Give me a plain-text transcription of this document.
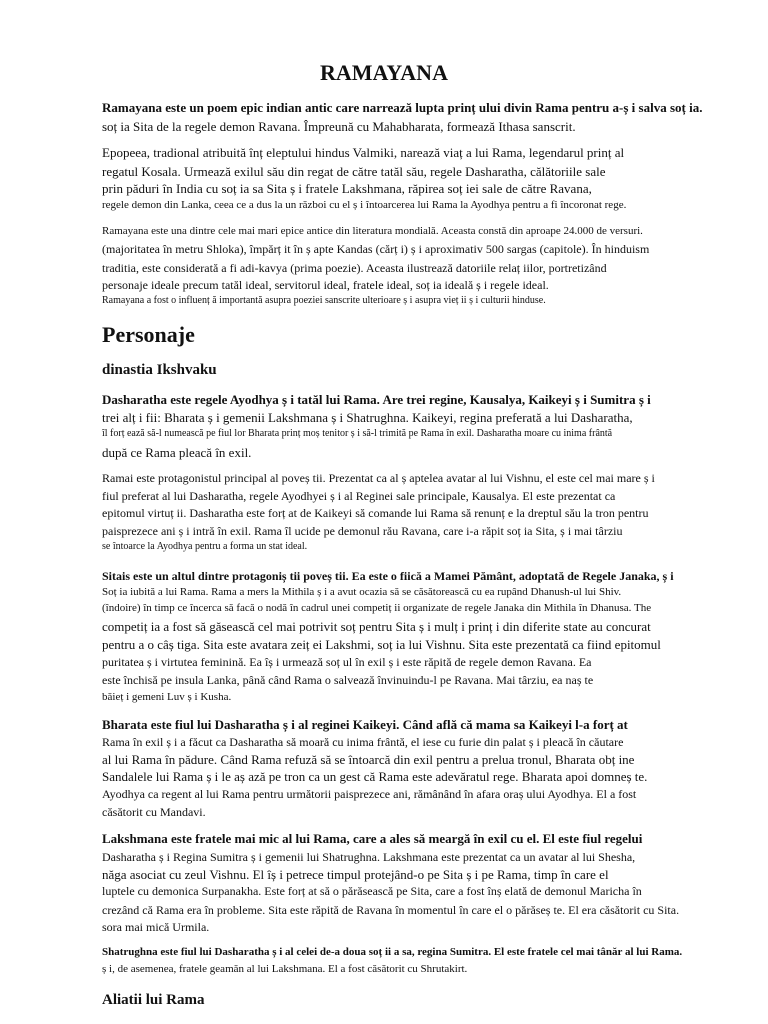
RAMAYANA
Ramayana este un poem epic indian antic care narrează lupta prinț ului divin Rama pentru a-ș i salva soț ia.
soț ia Sita de la regele demon Ravana. Împreună cu Mahabharata, formează Ithasa sanscrit.
Epopeea, tradional atribuită înț eleptului hindus Valmiki, narează viaț a lui Rama, legendarul prinț al
regatul Kosala. Urmează exilul său din regat de către tatăl său, regele Dasharatha, călătoriile sale
prin păduri în India cu soț ia sa Sita ș i fratele Lakshmana, răpirea soț iei sale de către Ravana,
regele demon din Lanka, ceea ce a dus la un război cu el ș i întoarcerea lui Rama la Ayodhya pentru a fi încoronat rege.
Ramayana este una dintre cele mai mari epice antice din literatura mondială. Aceasta constă din aproape 24.000 de versuri.
(majoritatea în metru Shloka), împărț it în ș apte Kandas (cărț i) ș i aproximativ 500 sargas (capitole). În hinduism
traditia, este considerată a fi adi-kavya (prima poezie). Aceasta ilustrează datoriile relaț iilor, portretizând
personaje ideale precum tatăl ideal, servitorul ideal, fratele ideal, soț ia ideală ș i regele ideal.
Ramayana a fost o influenț ă importantă asupra poeziei sanscrite ulterioare ș i asupra vieț ii ș i culturii hinduse.
Personaje
dinastia Ikshvaku
Dasharatha este regele Ayodhya ș i tatăl lui Rama. Are trei regine, Kausalya, Kaikeyi ș i Sumitra ș i
trei alț i fii: Bharata ș i gemenii Lakshmana ș i Shatrughna. Kaikeyi, regina preferată a lui Dasharatha,
îl forț ează să-l numească pe fiul lor Bharata prinț moș tenitor ș i să-l trimită pe Rama în exil. Dasharatha moare cu inima frântă
după ce Rama pleacă în exil.
Ramai este protagonistul principal al poveș tii. Prezentat ca al ș aptelea avatar al lui Vishnu, el este cel mai mare ș i
fiul preferat al lui Dasharatha, regele Ayodhyei ș i al Reginei sale principale, Kausalya. El este prezentat ca
epitomul virtuț ii. Dasharatha este forț at de Kaikeyi să comande lui Rama să renunț e la dreptul său la tron pentru
paisprezece ani ș i intră în exil. Rama îl ucide pe demonul rău Ravana, care i-a răpit soț ia Sita, ș i mai târziu
se întoarce la Ayodhya pentru a forma un stat ideal.
Sitais este un altul dintre protagoniș tii poveș tii. Ea este o fiică a Mamei Pământ, adoptată de Regele Janaka, ș i
Soț ia iubită a lui Rama. Rama a mers la Mithila ș i a avut ocazia să se căsătorească cu ea rupând Dhanush-ul lui Shiv.
(îndoire) în timp ce încerca să facă o nodă în cadrul unei competiț ii organizate de regele Janaka din Mithila în Dhanusa. The
competiț ia a fost să găsească cel mai potrivit soț pentru Sita ș i mulț i prinț i din diferite state au concurat
pentru a o câș tiga. Sita este avatara zeiț ei Lakshmi, soț ia lui Vishnu. Sita este prezentată ca fiind epitomul
puritatea ș i virtutea feminină. Ea îș i urmează soț ul în exil ș i este răpită de regele demon Ravana. Ea
este închisă pe insula Lanka, până când Rama o salvează învinuindu-l pe Ravana. Mai târziu, ea naș te
băieț i gemeni Luv ș i Kusha.
Bharata este fiul lui Dasharatha ș i al reginei Kaikeyi. Când află că mama sa Kaikeyi l-a forț at
Rama în exil ș i a făcut ca Dasharatha să moară cu inima frântă, el iese cu furie din palat ș i pleacă în căutare
al lui Rama în pădure. Când Rama refuză să se întoarcă din exil pentru a prelua tronul, Bharata obț ine
Sandalele lui Rama ș i le aș ază pe tron ca un gest că Rama este adevăratul rege. Bharata apoi domneș te.
Ayodhya ca regent al lui Rama pentru următorii paisprezece ani, rămânând în afara oraș ului Ayodhya. El a fost
căsătorit cu Mandavi.
Lakshmana este fratele mai mic al lui Rama, care a ales să meargă în exil cu el. El este fiul regelui
Dasharatha ș i Regina Sumitra ș i gemenii lui Shatrughna. Lakshmana este prezentat ca un avatar al lui Shesha,
năga asociat cu zeul Vishnu. El îș i petrece timpul protejând-o pe Sita ș i pe Rama, timp în care el
luptele cu demonica Surpanakha. Este forț at să o părăsească pe Sita, care a fost înș elată de demonul Maricha în
crezând că Rama era în probleme. Sita este răpită de Ravana în momentul în care el o părăseș te. El era căsătorit cu Sita.
sora mai mică Urmila.
Shatrughna este fiul lui Dasharatha ș i al celei de-a doua soț ii a sa, regina Sumitra. El este fratele cel mai tânăr al lui Rama.
ș i, de asemenea, fratele geamăn al lui Lakshmana. El a fost căsătorit cu Shrutakirt.
Aliatii lui Rama
